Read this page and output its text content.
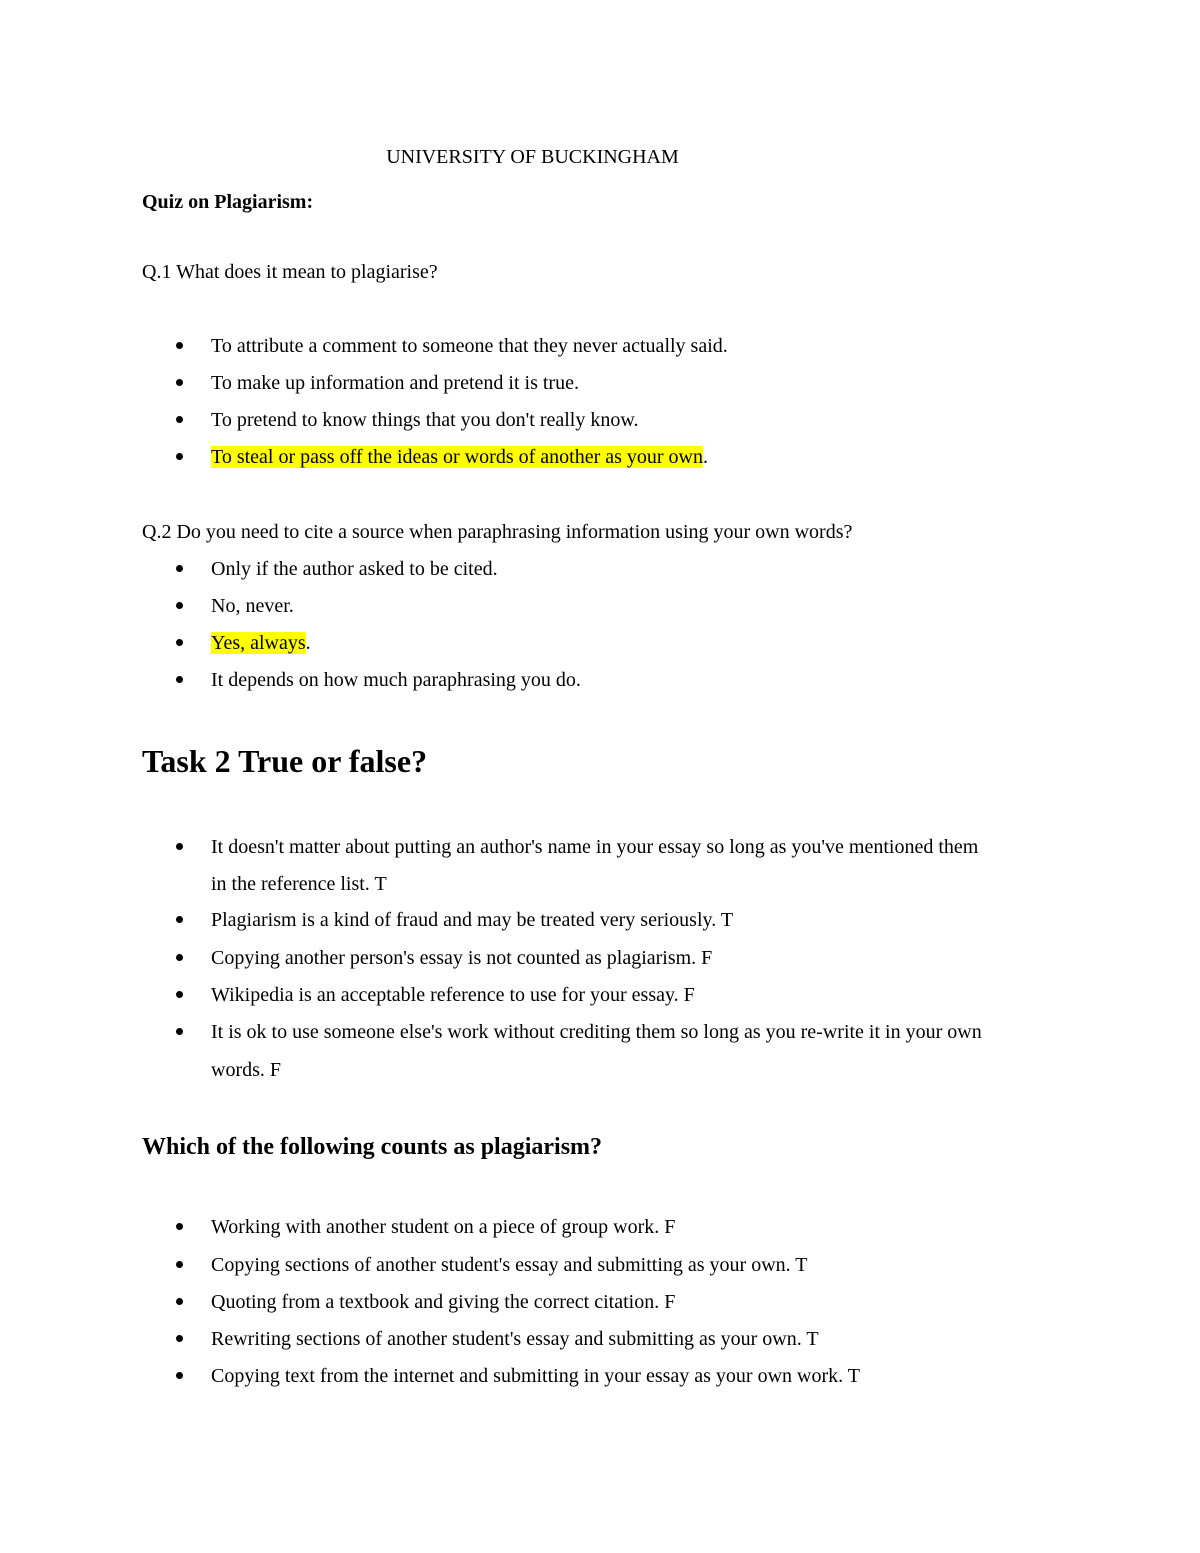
UNIVERSITY OF BUCKINGHAM
Quiz on Plagiarism:
Q.1 What does it mean to plagiarise?
To attribute a comment to someone that they never actually said.
To make up information and pretend it is true.
To pretend to know things that you don't really know.
To steal or pass off the ideas or words of another as your own.
Q.2 Do you need to cite a source when paraphrasing information using your own words?
Only if the author asked to be cited.
No, never.
Yes, always.
It depends on how much paraphrasing you do.
Task 2 True or false?
It doesn't matter about putting an author's name in your essay so long as you've mentioned them
in the reference list. T
Plagiarism is a kind of fraud and may be treated very seriously. T
Copying another person's essay is not counted as plagiarism. F
Wikipedia is an acceptable reference to use for your essay. F
It is ok to use someone else's work without crediting them so long as you re-write it in your own
words. F
Which of the following counts as plagiarism?
Working with another student on a piece of group work. F
Copying sections of another student's essay and submitting as your own. T
Quoting from a textbook and giving the correct citation. F
Rewriting sections of another student's essay and submitting as your own. T
Copying text from the internet and submitting in your essay as your own work. T
